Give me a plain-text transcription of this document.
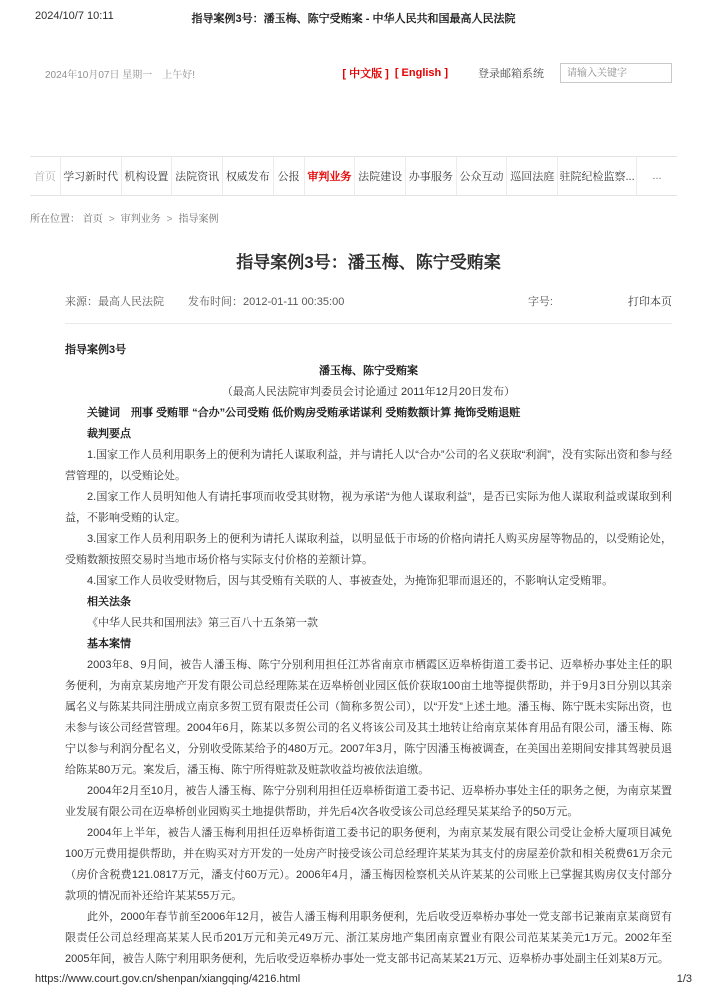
2024/10/7 10:11	指导案例3号：潘玉梅、陈宁受贿案 - 中华人民共和国最高人民法院
2024年10月07日 星期一　上午好!	[ 中文版 ] [ English ]	登录邮箱系统
请输入关键字
首页 学习新时代 机构设置 法院资讯 权威发布 公报 审判业务 法院建设 办事服务 公众互动 巡回法庭 驻院纪检监察...	...
所在位置： 首页 > 审判业务 > 指导案例
指导案例3号：潘玉梅、陈宁受贿案
来源：最高人民法院 发布时间：2012-01-11 00:35:00	字号:	打印本页

指导案例3号

潘玉梅、陈宁受贿案

（最高人民法院审判委员会讨论通过 2011年12月20日发布）

关键词　刑事 受贿罪 “合办”公司受贿 低价购房受贿承诺谋利 受贿数额计算 掩饰受贿退赃

裁判要点

1.国家工作人员利用职务上的便利为请托人谋取利益，并与请托人以“合办”公司的名义获取“利润”，没有实际出资和参与经营管理的，以受贿论处。

2.国家工作人员明知他人有请托事项而收受其财物，视为承诺“为他人谋取利益”，是否已实际为他人谋取利益或谋取到利益，不影响受贿的认定。

3.国家工作人员利用职务上的便利为请托人谋取利益，以明显低于市场的价格向请托人购买房屋等物品的，以受贿论处，受贿数额按照交易时当地市场价格与实际支付价格的差额计算。

4.国家工作人员收受财物后，因与其受贿有关联的人、事被查处，为掩饰犯罪而退还的，不影响认定受贿罪。

相关法条

《中华人民共和国刑法》第三百八十五条第一款

基本案情

2003年8、9月间，被告人潘玉梅、陈宁分别利用担任江苏省南京市栖霞区迈皋桥街道工委书记、迈皋桥办事处主任的职务便利，为南京某房地产开发有限公司总经理陈某在迈皋桥创业园区低价获取100亩土地等提供帮助，并于9月3日分别以其亲属名义与陈某共同注册成立南京多贺工贸有限责任公司（简称多贺公司），以“开发”上述土地。潘玉梅、陈宁既未实际出资，也未参与该公司经营管理。2004年6月，陈某以多贺公司的名义将该公司及其土地转让给南京某体育用品有限公司，潘玉梅、陈宁以参与利润分配名义，分别收受陈某给予的480万元。2007年3月，陈宁因潘玉梅被调查，在美国出差期间安排其驾驶员退给陈某80万元。案发后，潘玉梅、陈宁所得赃款及赃款收益均被依法追缴。

2004年2月至10月，被告人潘玉梅、陈宁分别利用担任迈皋桥街道工委书记、迈皋桥办事处主任的职务之便，为南京某置业发展有限公司在迈皋桥创业园购买土地提供帮助，并先后4次各收受该公司总经理吴某某给予的50万元。

2004年上半年，被告人潘玉梅利用担任迈皋桥街道工委书记的职务便利，为南京某发展有限公司受让金桥大厦项目减免100万元费用提供帮助，并在购买对方开发的一处房产时接受该公司总经理许某某为其支付的房屋差价款和相关税费61万余元（房价含税费121.0817万元，潘支付60万元）。2006年4月，潘玉梅因检察机关从许某某的公司账上已掌握其购房仅支付部分款项的情况而补还给许某某55万元。

此外，2000年春节前至2006年12月，被告人潘玉梅利用职务便利，先后收受迈皋桥办事处一党支部书记兼南京某商贸有限责任公司总经理高某某人民币201万元和美元49万元、浙江某房地产集团南京置业有限公司范某某美元1万元。2002年至2005年间，被告人陈宁利用职务便利，先后收受迈皋桥办事处一党支部书记高某某21万元、迈皋桥办事处副主任刘某8万元。

https://www.court.gov.cn/shenpan/xiangqing/4216.html	1/3
